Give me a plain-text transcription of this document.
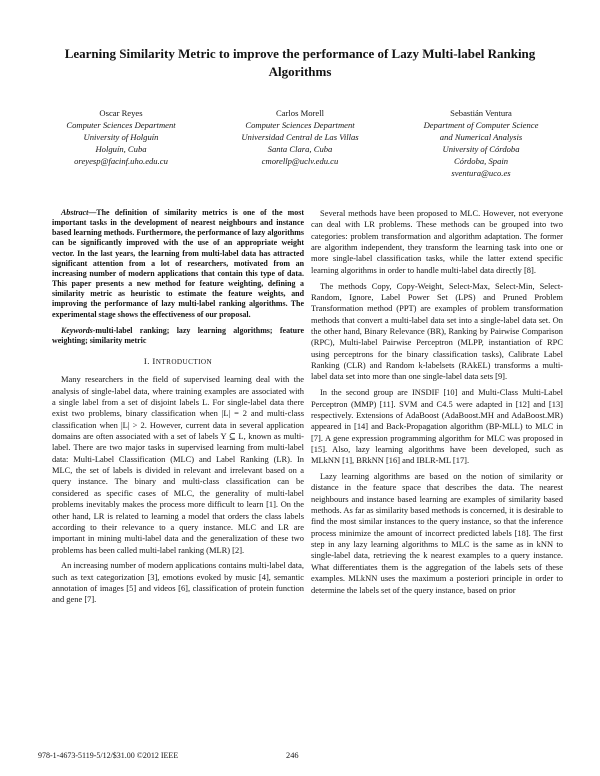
Learning Similarity Metric to improve the performance of Lazy Multi-label Ranking Algorithms
Oscar Reyes
Computer Sciences Department
University of Holguín
Holguín, Cuba
oreyesp@facinf.uho.edu.cu
Carlos Morell
Computer Sciences Department
Universidad Central de Las Villas
Santa Clara, Cuba
cmorellp@uclv.edu.cu
Sebastián Ventura
Department of Computer Science
and Numerical Analysis
University of Córdoba
Córdoba, Spain
sventura@uco.es
Abstract—The definition of similarity metrics is one of the most important tasks in the development of nearest neighbours and instance based learning methods. Furthermore, the performance of lazy algorithms can be significantly improved with the use of an appropriate weight vector. In the last years, the learning from multi-label data has attracted significant attention from a lot of researchers, motivated from an increasing number of modern applications that contain this type of data. This paper presents a new method for feature weighting, defining a similarity metric as heuristic to estimate the feature weights, and improving the performance of lazy multi-label ranking algorithms. The experimental stage shows the effectiveness of our proposal.
Keywords-multi-label ranking; lazy learning algorithms; feature weighting; similarity metric
I. INTRODUCTION

Many researchers in the field of supervised learning deal with the analysis of single-label data, where training examples are associated with a single label from a set of disjoint labels L. For single-label data there exist two problems, binary classification when |L| = 2 and multi-class classification when |L| > 2. However, current data in several application domains are often associated with a set of labels Y ⊆ L, known as multi-label. There are two major tasks in supervised learning from multi-label data: Multi-Label Classification (MLC) and Label Ranking (LR). In MLC, the set of labels is divided in relevant and irrelevant based on a query instance. The binary and multi-class classification can be considered as specific cases of MLC, the generality of multi-label problems inevitably makes the process more difficult to learn [1]. On the other hand, LR is related to learning a model that orders the class labels according to their relevance to a query instance. MLC and LR are important in mining multi-label data and the generalization of these two problems has been called multi-label ranking (MLR) [2].

An increasing number of modern applications contains multi-label data, such as text categorization [3], emotions evoked by music [4], semantic annotation of images [5] and videos [6], classification of protein function and gene [7].

Several methods have been proposed to MLC. However, not everyone can deal with LR problems. These methods can be grouped into two categories: problem transformation and algorithm adaptation. The former are algorithm independent, they transform the learning task into one or more single-label classification tasks, while the latter extend specific learning algorithms in order to handle multi-label data directly [8].

The methods Copy, Copy-Weight, Select-Max, Select-Min, Select-Random, Ignore, Label Power Set (LPS) and Pruned Problem Transformation method (PPT) are examples of problem transformation methods that convert a multi-label data set into a single-label data set. On the other hand, Binary Relevance (BR), Ranking by Pairwise Comparison (RPC), Multi-label Pairwise Perceptron (MLPP, instantiation of RPC using perceptrons for the binary classification tasks), Calibrate Label Ranking (CLR) and Random k-labelsets (RAkEL) transforms a multi-label data set into more than one single-label data sets [9].

In the second group are INSDIF [10] and Multi-Class Multi-Label Perceptron (MMP) [11]. SVM and C4.5 were adapted in [12] and [13] respectively. Extensions of AdaBoost (AdaBoost.MH and AdaBoost.MR) appeared in [14] and Back-Propagation algorithm (BP-MLL) to MLC in [7]. A gene expression programming algorithm for MLC was proposed in [15]. Also, lazy learning algorithms have been developed, such as MLkNN [1], BRkNN [16] and IBLR-ML [17].

Lazy learning algorithms are based on the notion of similarity or distance in the feature space that describes the data. The nearest neighbours and instance based learning are examples of similarity based methods. As far as similarity based methods is concerned, it is desirable to find the most similar instances to the query instance, so that the inference process minimize the amount of incorrect predicted labels [18]. The first step in any lazy learning algorithms to MLC is the same as in kNN to single-label data, retrieving the k nearest examples to a query instance. What differentiates them is the aggregation of the labels sets of these examples. MLkNN uses the maximum a posteriori principle in order to determine the labels set of the query instance, based on prior

978-1-4673-5119-5/12/$31.00 ©2012 IEEE	246
